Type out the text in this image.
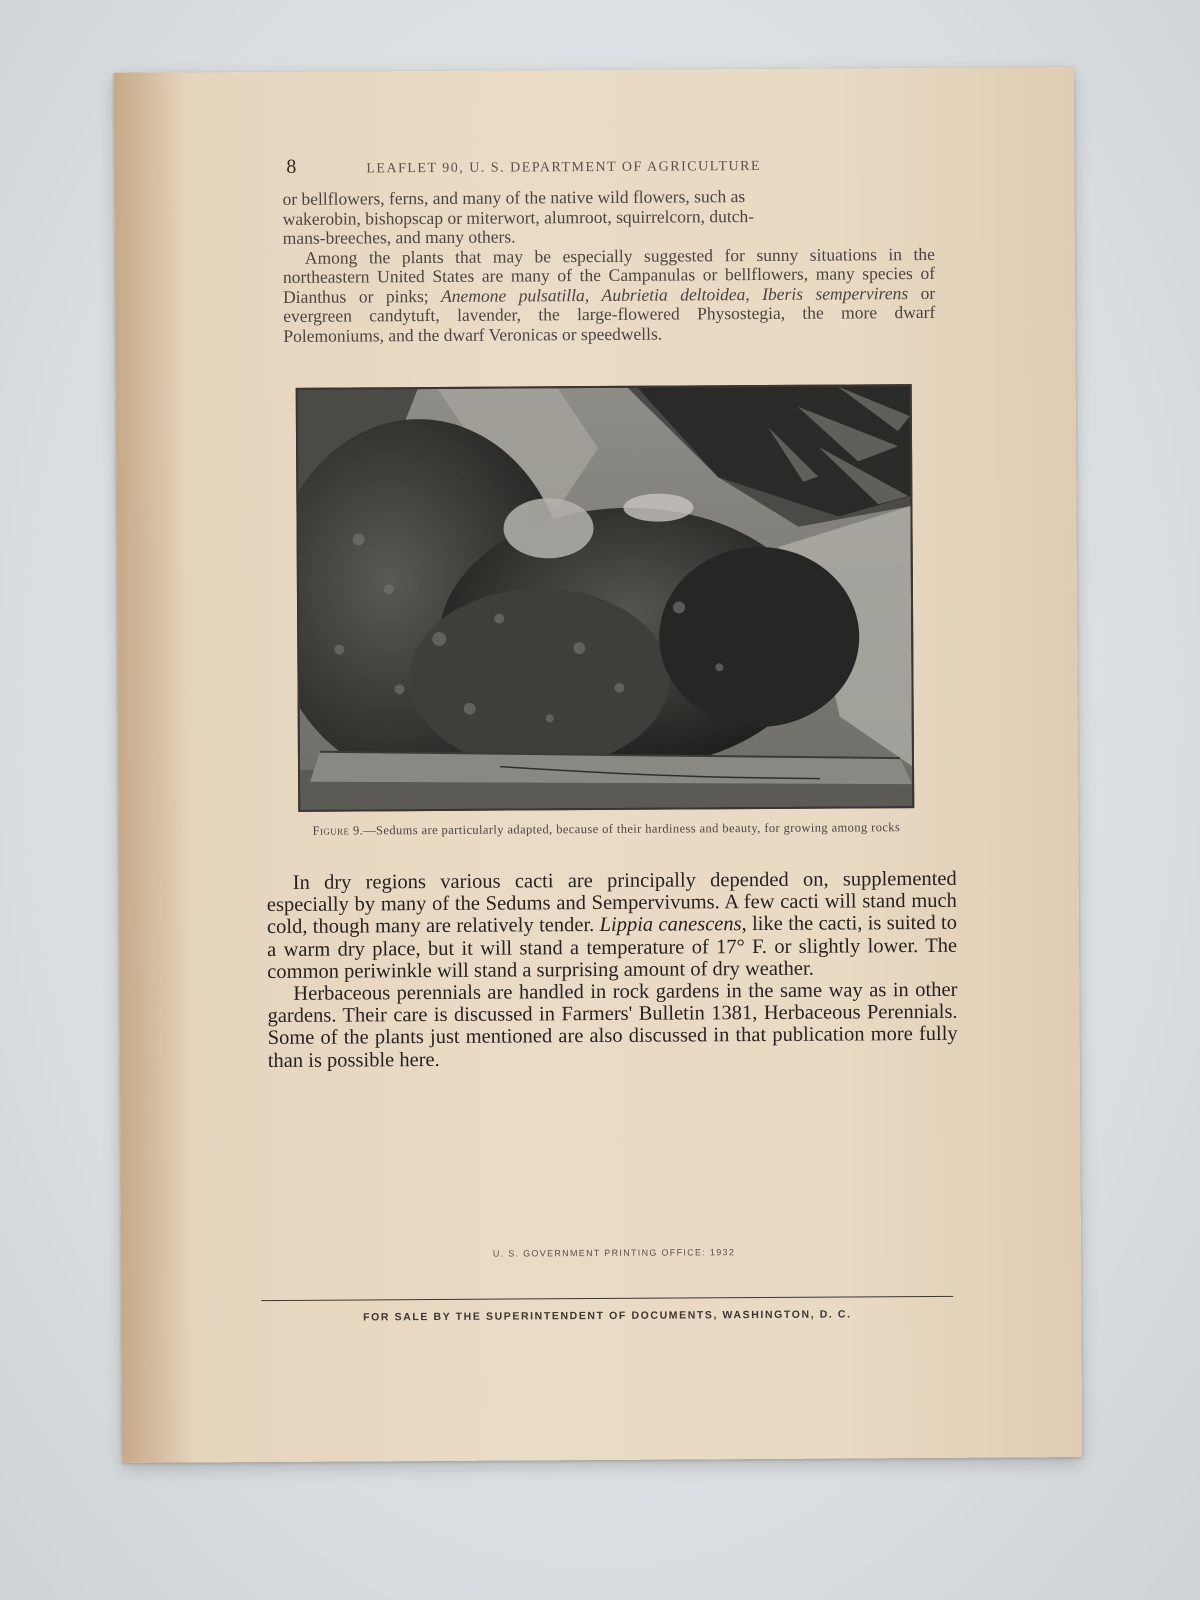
8	LEAFLET 90, U. S. DEPARTMENT OF AGRICULTURE
or bellflowers, ferns, and many of the native wild flowers, such as
wakerobin, bishopscap or miterwort, alumroot, squirrelcorn, dutch-
mans-breeches, and many others.
Among the plants that may be especially suggested for sunny situations in the northeastern United States are many of the Campanulas or bellflowers, many species of Dianthus or pinks; Anemone pulsatilla, Aubrietia deltoidea, Iberis sempervirens or evergreen candytuft, lavender, the large-flowered Physostegia, the more dwarf Polemoniums, and the dwarf Veronicas or speedwells.
Figure 9.—Sedums are particularly adapted, because of their hardiness and beauty, for growing among rocks
In dry regions various cacti are principally depended on, supplemented especially by many of the Sedums and Sempervivums. A few cacti will stand much cold, though many are relatively tender. Lippia canescens, like the cacti, is suited to a warm dry place, but it will stand a temperature of 17° F. or slightly lower. The common periwinkle will stand a surprising amount of dry weather.
Herbaceous perennials are handled in rock gardens in the same way as in other gardens. Their care is discussed in Farmers' Bulletin 1381, Herbaceous Perennials. Some of the plants just mentioned are also discussed in that publication more fully than is possible here.
U. S. GOVERNMENT PRINTING OFFICE: 1932
FOR SALE BY THE SUPERINTENDENT OF DOCUMENTS, WASHINGTON, D. C.
